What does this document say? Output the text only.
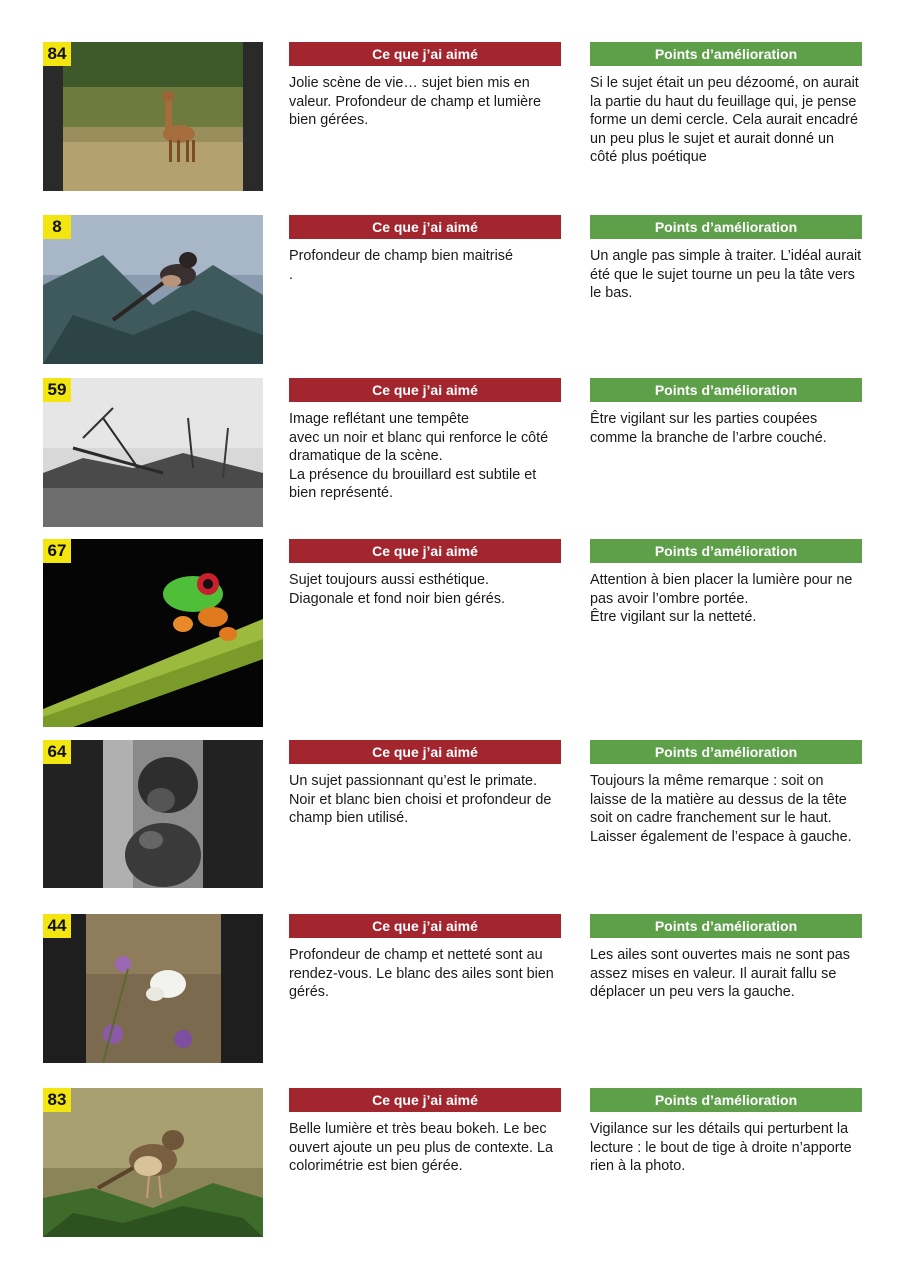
84	Ce que j’ai aimé
Jolie scène de vie… sujet bien mis en valeur. Profondeur de champ et lumière bien gérées.
Points d’amélioration
Si le sujet était un peu dézoomé, on aurait la partie du haut du feuillage qui, je pense forme un demi cercle. Cela aurait encadré un peu plus le sujet et aurait donné un côté plus poétique
8	Ce que j’ai aimé
Profondeur de champ bien maitrisé
.
Points d’amélioration
Un angle pas simple à traiter. L’idéal aurait été que le sujet tourne un peu la tâte vers le bas.
59	Ce que j’ai aimé
Image reflétant une tempête
avec un noir et blanc qui renforce le côté dramatique de la scène.
La présence du brouillard est subtile et bien représenté.
Points d’amélioration
Être vigilant sur les parties coupées comme la branche de l’arbre couché.
67	Ce que j’ai aimé
Sujet toujours aussi esthétique.
Diagonale et fond noir bien gérés.
Points d’amélioration
Attention à bien placer la lumière pour ne pas avoir l’ombre portée.
Être vigilant sur la netteté.
64	Ce que j’ai aimé
Un sujet passionnant qu’est le primate. Noir et blanc bien choisi et profondeur de champ bien utilisé.
Points d’amélioration
Toujours la même remarque : soit on laisse de la matière au dessus de la tête soit on cadre franchement sur le haut.
Laisser également de l’espace à gauche.
44	Ce que j’ai aimé
Profondeur de champ et netteté sont au rendez-vous. Le blanc des ailes sont bien gérés.
Points d’amélioration
Les ailes sont ouvertes mais ne sont pas assez mises en valeur. Il aurait fallu se déplacer un peu vers la gauche.
83	Ce que j’ai aimé
Belle lumière et très beau bokeh. Le bec ouvert ajoute un peu plus de contexte. La colorimétrie est bien gérée.
Points d’amélioration
Vigilance sur les détails qui perturbent la lecture : le bout de tige à droite n’apporte rien à la photo.
